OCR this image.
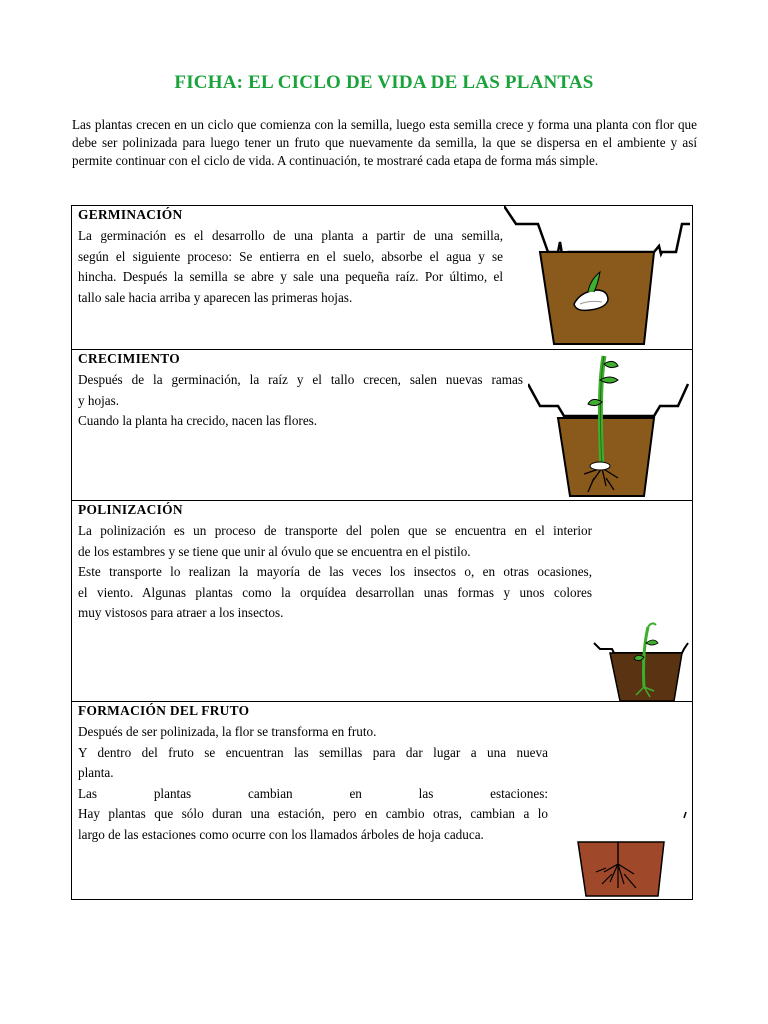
FICHA: EL CICLO DE VIDA DE LAS PLANTAS
Las plantas crecen en un ciclo que comienza con la semilla, luego esta semilla crece y forma una planta con flor que debe ser polinizada para luego tener un fruto que nuevamente da semilla, la que se dispersa en el ambiente y así permite continuar con el ciclo de vida. A continuación, te mostraré cada etapa de forma más simple.
GERMINACIÓN

La germinación es el desarrollo de una planta a partir de una semilla,

según el siguiente proceso: Se entierra en el suelo, absorbe el agua y se

hincha. Después la semilla se abre y sale una pequeña raíz. Por último, el

tallo sale hacia arriba y aparecen las primeras hojas.

CRECIMIENTO

Después de la germinación, la raíz y el tallo crecen, salen nuevas ramas

y hojas.

Cuando la planta ha crecido, nacen las flores.

POLINIZACIÓN

La polinización es un proceso de transporte del polen que se encuentra en el interior

de los estambres y se tiene que unir al óvulo que se encuentra en el pistilo.

Este transporte lo realizan la mayoría de las veces los insectos o, en otras ocasiones,

el viento. Algunas plantas como la orquídea desarrollan unas formas y unos colores

muy vistosos para atraer a los insectos.

FORMACIÓN DEL FRUTO

Después de ser polinizada, la flor se transforma en fruto.

Y dentro del fruto se encuentran las semillas para dar lugar a una nueva

planta.

Las plantas cambian en las estaciones:

Hay plantas que sólo duran una estación, pero en cambio otras, cambian a lo

largo de las estaciones como ocurre con los llamados árboles de hoja caduca.
